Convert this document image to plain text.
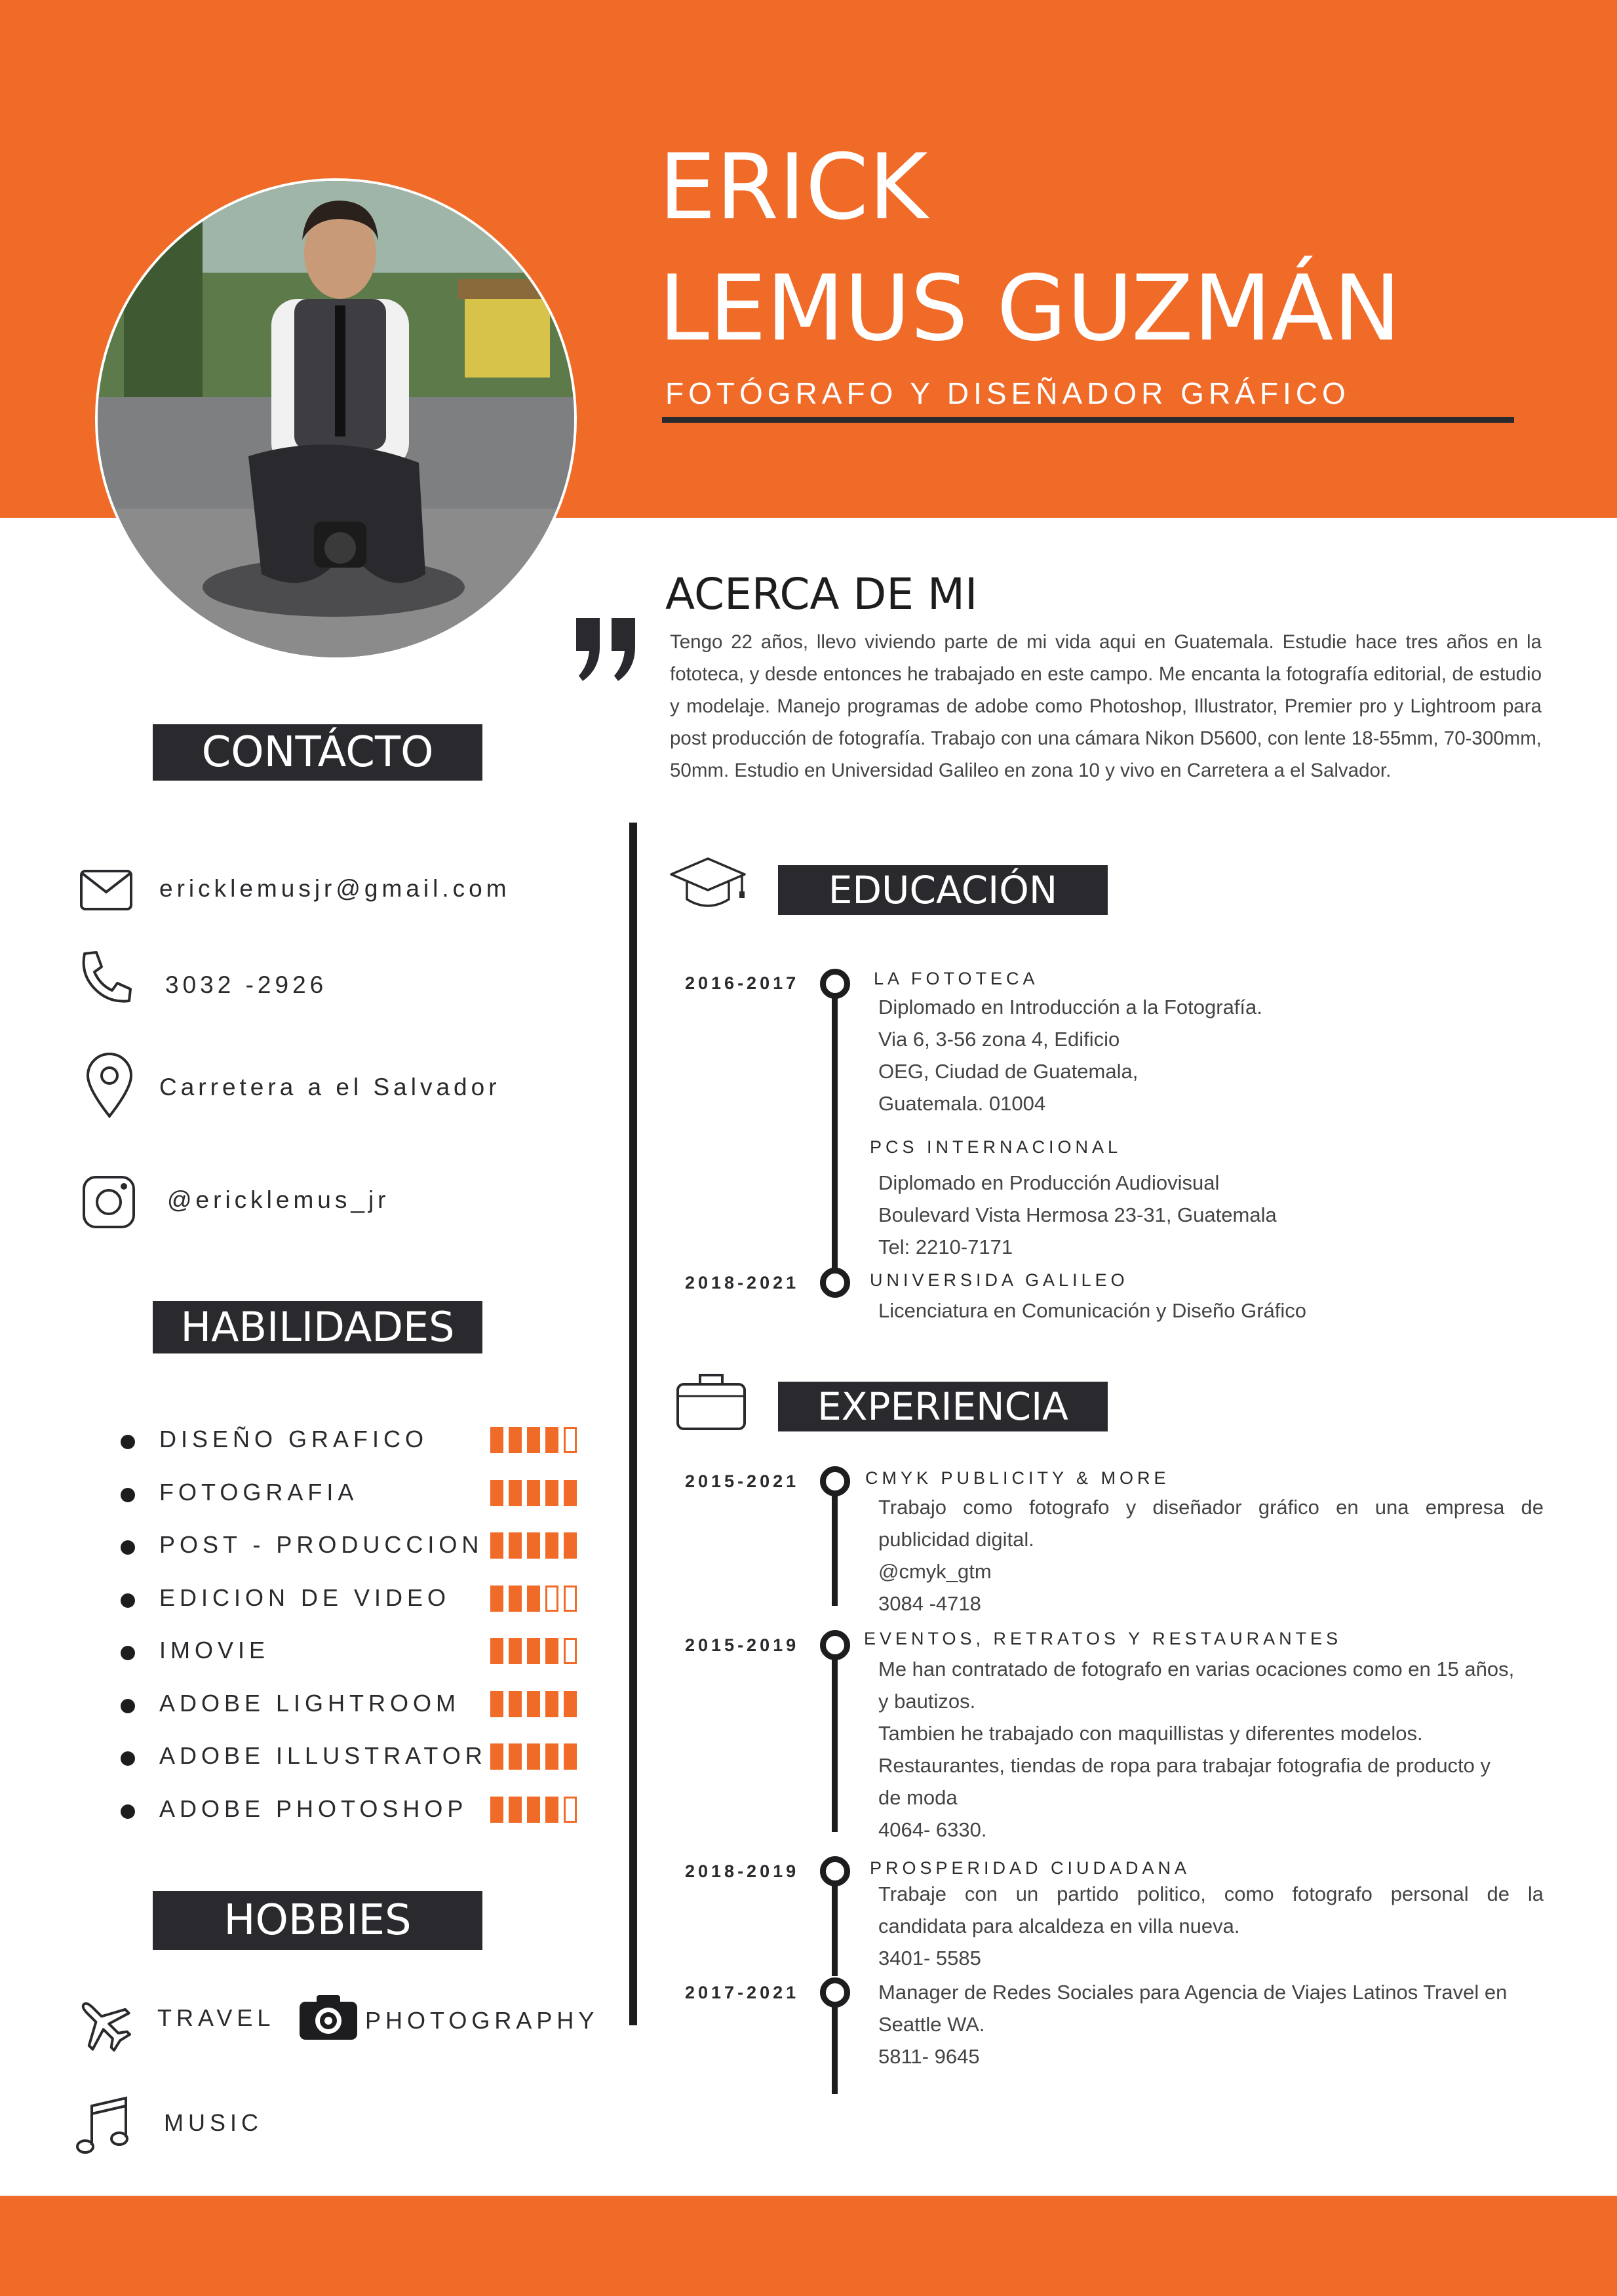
ERICK
LEMUS GUZMÁN
FOTÓGRAFO Y DISEÑADOR GRÁFICO
ACERCA DE MI
Tengo 22 años, llevo viviendo parte de mi vida aqui en Guatemala. Estudie hace tres años en la fototeca, y desde entonces he trabajado en este campo. Me encanta la fotografía editorial, de estudio y modelaje. Manejo programas de adobe como Photoshop, Illustrator, Premier pro y Lightroom para post producción de fotografía. Trabajo con una cámara Nikon D5600, con lente 18-55mm, 70-300mm, 50mm. Estudio en Universidad Galileo en zona 10 y vivo en Carretera a el Salvador.
CONTÁCTO
ericklemusjr@gmail.com
3032 -2926
Carretera a el Salvador
@ericklemus_jr
HABILIDADES
DISEÑO GRAFICO
FOTOGRAFIA
POST - PRODUCCION
EDICION DE VIDEO
IMOVIE
ADOBE LIGHTROOM
ADOBE ILLUSTRATOR
ADOBE PHOTOSHOP
HOBBIES
TRAVEL	PHOTOGRAPHY
MUSIC
EDUCACIÓN
2016-2017	LA FOTOTECA
Diplomado en Introducción a la Fotografía.
Via 6, 3-56 zona 4, Edificio
OEG, Ciudad de Guatemala,
Guatemala. 01004
PCS INTERNACIONAL
Diplomado en Producción Audiovisual
Boulevard Vista Hermosa 23-31, Guatemala
Tel: 2210-7171
2018-2021	UNIVERSIDA GALILEO
Licenciatura en Comunicación y Diseño Gráfico
EXPERIENCIA
2015-2021	CMYK PUBLICITY & MORE
Trabajo como fotografo y diseñador gráfico en una empresa de
publicidad digital.
@cmyk_gtm
3084 -4718
2015-2019	EVENTOS, RETRATOS Y RESTAURANTES
Me han contratado de fotografo en varias ocaciones como en 15 años,
y bautizos.
Tambien he trabajado con maquillistas y diferentes modelos.
Restaurantes, tiendas de ropa para trabajar fotografia de producto y
de moda
4064- 6330.
2018-2019	PROSPERIDAD CIUDADANA
Trabaje con un partido politico, como fotografo personal de la
candidata para alcaldeza en villa nueva.
3401- 5585
2017-2021	Manager de Redes Sociales para Agencia de Viajes Latinos Travel en
Seattle WA.
5811- 9645
